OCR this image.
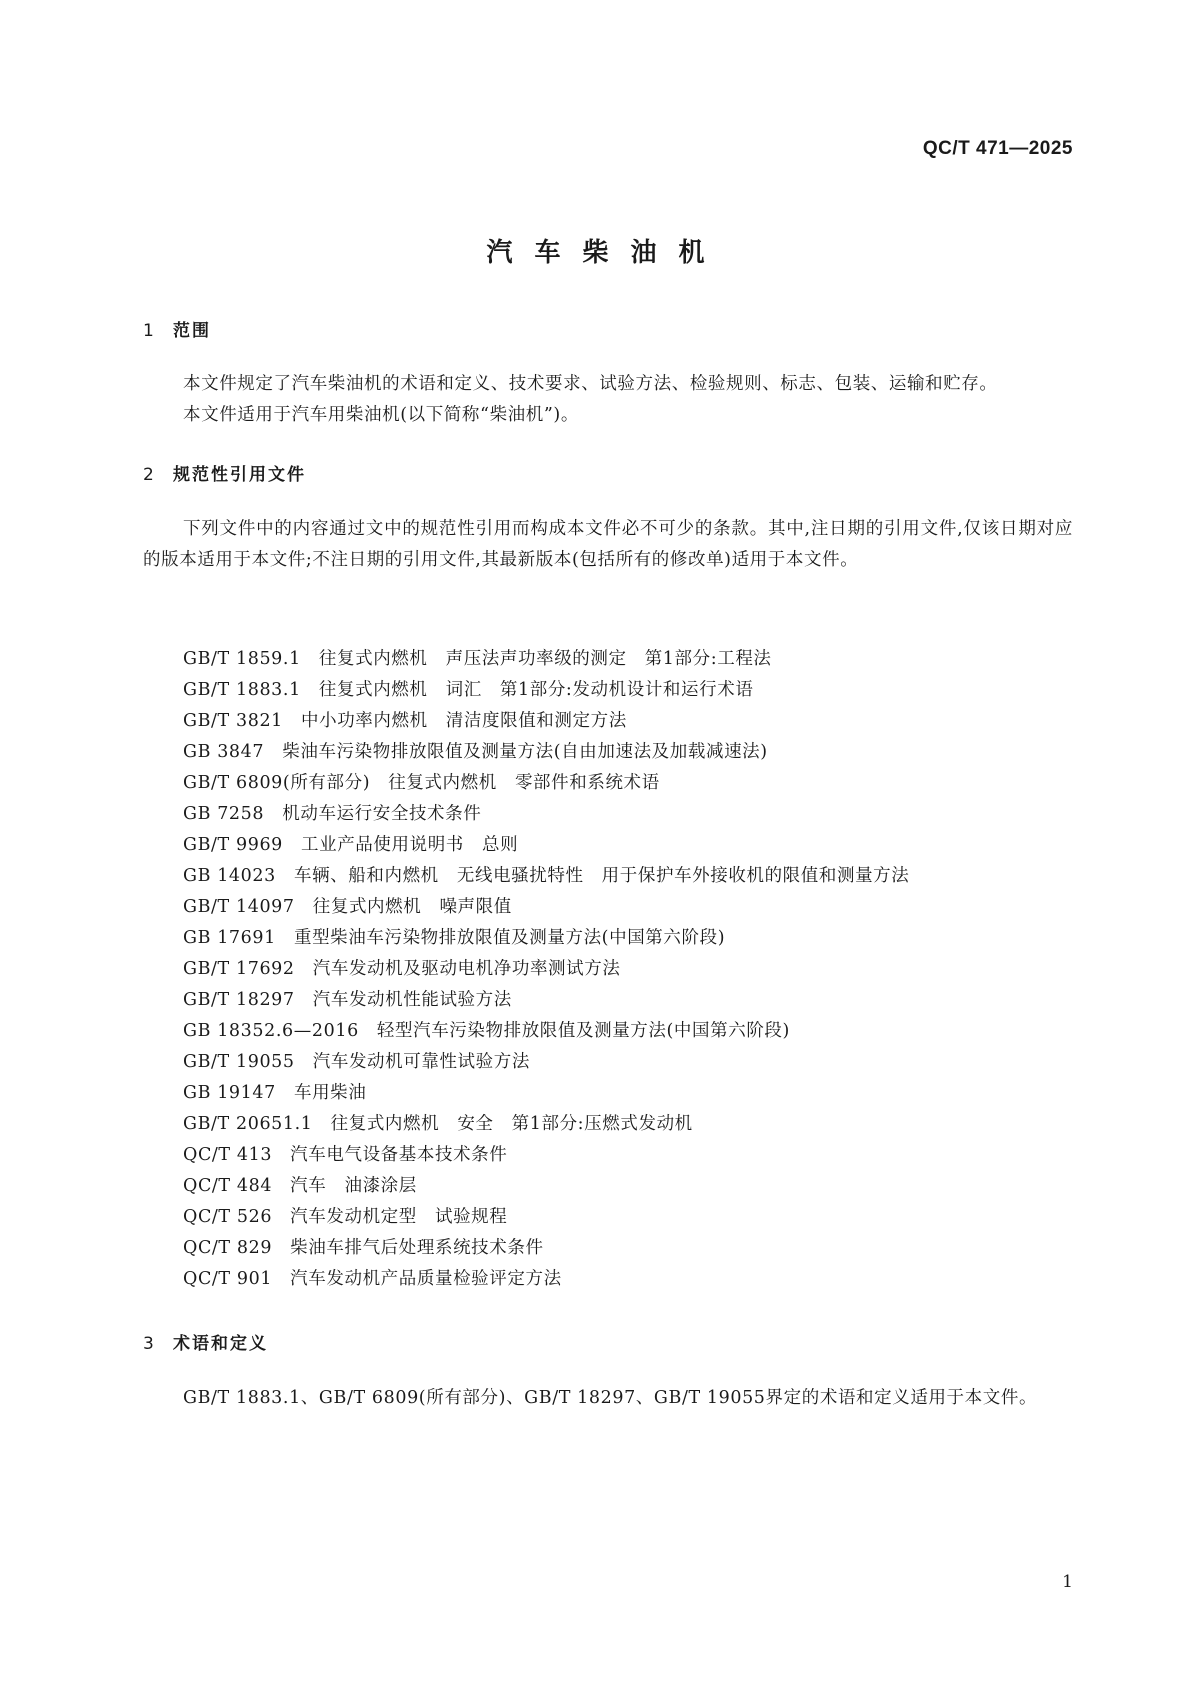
QC/T 471—2025
汽车柴油机
1 范围
本文件规定了汽车柴油机的术语和定义、技术要求、试验方法、检验规则、标志、包装、运输和贮存。
本文件适用于汽车用柴油机(以下简称“柴油机”)。
2 规范性引用文件
下列文件中的内容通过文中的规范性引用而构成本文件必不可少的条款。其中,注日期的引用文件,仅该日期对应的版本适用于本文件;不注日期的引用文件,其最新版本(包括所有的修改单)适用于本文件。
GB/T 1859.1　往复式内燃机　声压法声功率级的测定　第1部分:工程法
GB/T 1883.1　往复式内燃机　词汇　第1部分:发动机设计和运行术语
GB/T 3821　中小功率内燃机　清洁度限值和测定方法
GB 3847　柴油车污染物排放限值及测量方法(自由加速法及加载减速法)
GB/T 6809(所有部分)　往复式内燃机　零部件和系统术语
GB 7258　机动车运行安全技术条件
GB/T 9969　工业产品使用说明书　总则
GB 14023　车辆、船和内燃机　无线电骚扰特性　用于保护车外接收机的限值和测量方法
GB/T 14097　往复式内燃机　噪声限值
GB 17691　重型柴油车污染物排放限值及测量方法(中国第六阶段)
GB/T 17692　汽车发动机及驱动电机净功率测试方法
GB/T 18297　汽车发动机性能试验方法
GB 18352.6—2016　轻型汽车污染物排放限值及测量方法(中国第六阶段)
GB/T 19055　汽车发动机可靠性试验方法
GB 19147　车用柴油
GB/T 20651.1　往复式内燃机　安全　第1部分:压燃式发动机
QC/T 413　汽车电气设备基本技术条件
QC/T 484　汽车　油漆涂层
QC/T 526　汽车发动机定型　试验规程
QC/T 829　柴油车排气后处理系统技术条件
QC/T 901　汽车发动机产品质量检验评定方法
3 术语和定义
GB/T 1883.1、GB/T 6809(所有部分)、GB/T 18297、GB/T 19055界定的术语和定义适用于本文件。
1
